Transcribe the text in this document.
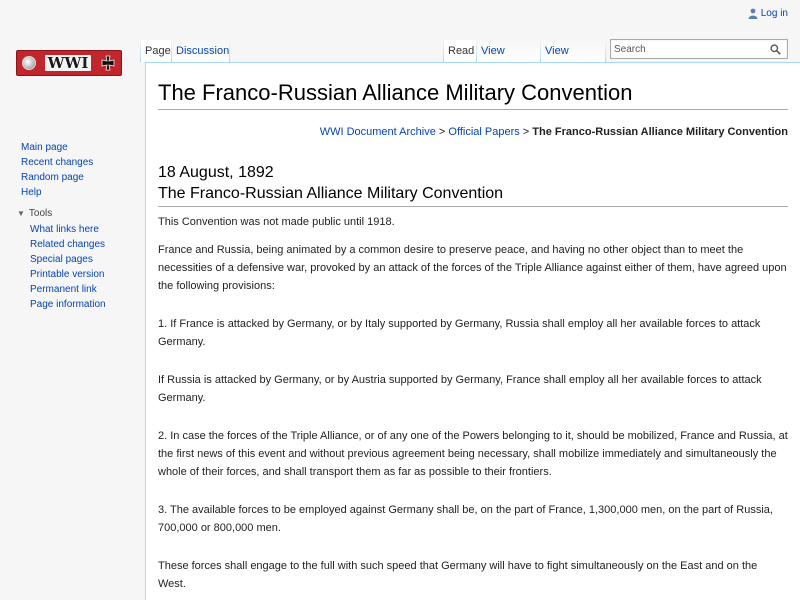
Log in
WWI
Main page
Recent changes
Random page
Help
▼ Tools
What links here
Related changes
Special pages
Printable version
Permanent link
Page information
Page Discussion	Read View	View
Search
The Franco-Russian Alliance Military Convention
WWI Document Archive > Official Papers > The Franco-Russian Alliance Military Convention
18 August, 1892
The Franco-Russian Alliance Military Convention

This Convention was not made public until 1918.

France and Russia, being animated by a common desire to preserve peace, and having no other object than to meet the necessities of a defensive war, provoked by an attack of the forces of the Triple Alliance against either of them, have agreed upon the following provisions:

1. If France is attacked by Germany, or by Italy supported by Germany, Russia shall employ all her available forces to attack Germany.

If Russia is attacked by Germany, or by Austria supported by Germany, France shall employ all her available forces to attack Germany.

2. In case the forces of the Triple Alliance, or of any one of the Powers belonging to it, should be mobilized, France and Russia, at the first news of this event and without previous agreement being necessary, shall mobilize immediately and simultaneously the whole of their forces, and shall transport them as far as possible to their frontiers.

3. The available forces to be employed against Germany shall be, on the part of France, 1,300,000 men, on the part of Russia, 700,000 or 800,000 men.

These forces shall engage to the full with such speed that Germany will have to fight simultaneously on the East and on the West.
